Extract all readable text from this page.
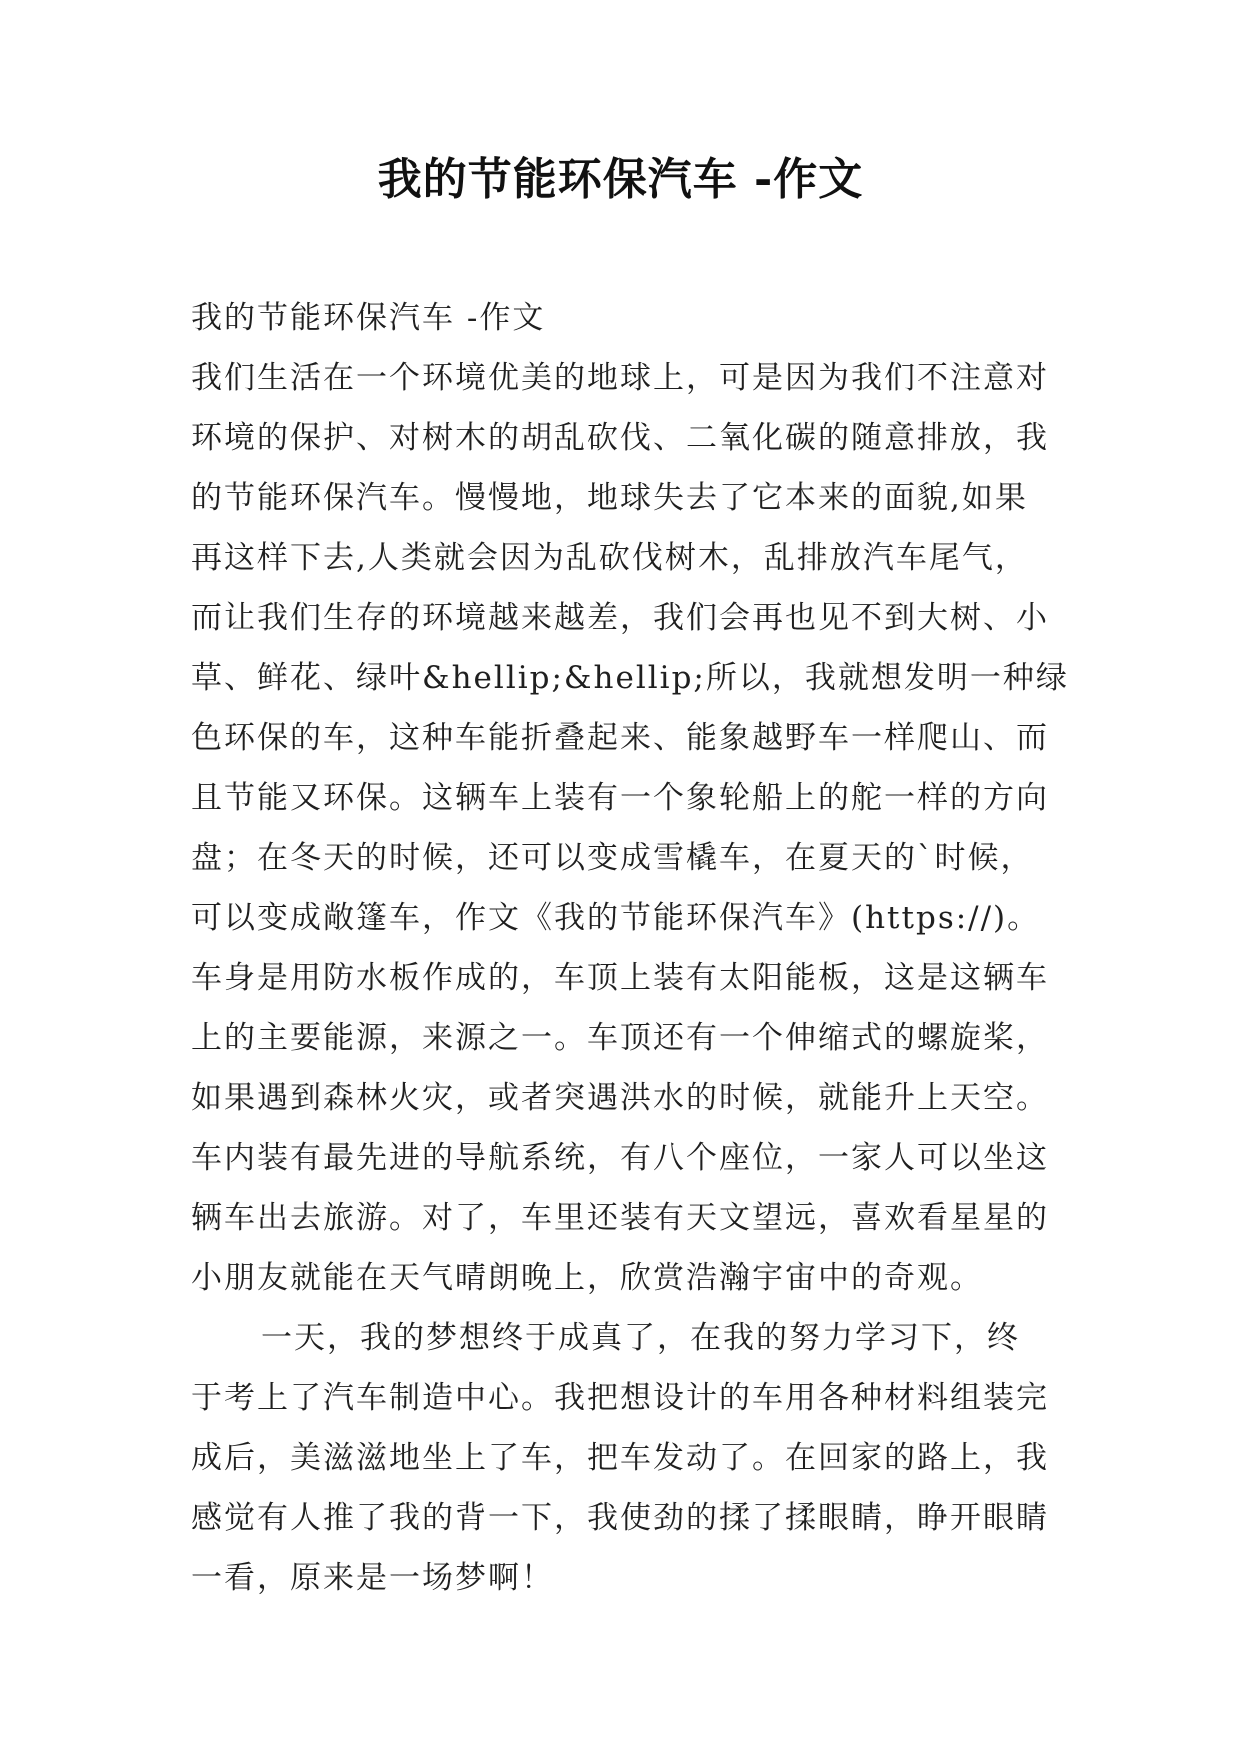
我的节能环保汽车 -作文
我的节能环保汽车 -作文
我们生活在一个环境优美的地球上，可是因为我们不注意对
环境的保护、对树木的胡乱砍伐、二氧化碳的随意排放，我
的节能环保汽车。慢慢地，地球失去了它本来的面貌,如果
再这样下去,人类就会因为乱砍伐树木，乱排放汽车尾气，
而让我们生存的环境越来越差，我们会再也见不到大树、小
草、鲜花、绿叶&hellip;&hellip;所以，我就想发明一种绿
色环保的车，这种车能折叠起来、能象越野车一样爬山、而
且节能又环保。这辆车上装有一个象轮船上的舵一样的方向
盘；在冬天的时候，还可以变成雪橇车，在夏天的`时候，
可以变成敞篷车，作文《我的节能环保汽车》(https://)。
车身是用防水板作成的，车顶上装有太阳能板，这是这辆车
上的主要能源，来源之一。车顶还有一个伸缩式的螺旋桨，
如果遇到森林火灾，或者突遇洪水的时候，就能升上天空。
车内装有最先进的导航系统，有八个座位，一家人可以坐这
辆车出去旅游。对了，车里还装有天文望远，喜欢看星星的
小朋友就能在天气晴朗晚上，欣赏浩瀚宇宙中的奇观。
一天，我的梦想终于成真了，在我的努力学习下，终
于考上了汽车制造中心。我把想设计的车用各种材料组装完
成后，美滋滋地坐上了车，把车发动了。在回家的路上，我
感觉有人推了我的背一下，我使劲的揉了揉眼睛，睁开眼睛
一看，原来是一场梦啊！
